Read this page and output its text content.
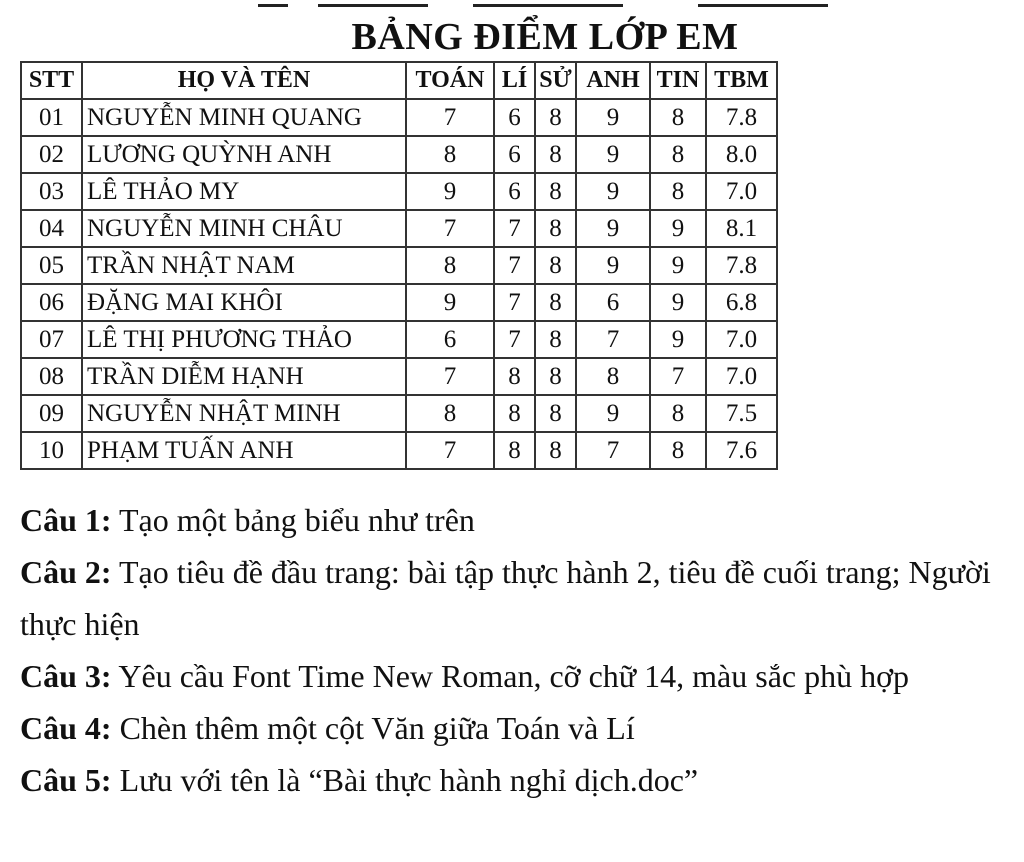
BẢNG ĐIỂM LỚP EM
STT	HỌ VÀ TÊN	TOÁN	LÍ	SỬ	ANH	TIN	TBM
01	NGUYỄN MINH QUANG	7	6	8	9	8	7.8
02	LƯƠNG QUỲNH ANH	8	6	8	9	8	8.0
03	LÊ THẢO MY	9	6	8	9	8	7.0
04	NGUYỄN MINH CHÂU	7	7	8	9	9	8.1
05	TRẦN NHẬT NAM	8	7	8	9	9	7.8
06	ĐẶNG MAI KHÔI	9	7	8	6	9	6.8
07	LÊ THỊ PHƯƠNG THẢO	6	7	8	7	9	7.0
08	TRẦN DIỄM HẠNH	7	8	8	8	7	7.0
09	NGUYỄN NHẬT MINH	8	8	8	9	8	7.5
10	PHẠM TUẤN ANH	7	8	8	7	8	7.6

Câu 1: Tạo một bảng biểu như trên

Câu 2: Tạo tiêu đề đầu trang: bài tập thực hành 2, tiêu đề cuối trang; Người thực hiện

Câu 3: Yêu cầu Font Time New Roman, cỡ chữ 14, màu sắc phù hợp

Câu 4: Chèn thêm một cột Văn giữa Toán và Lí

Câu 5: Lưu với tên là “Bài thực hành nghỉ dịch.doc”
